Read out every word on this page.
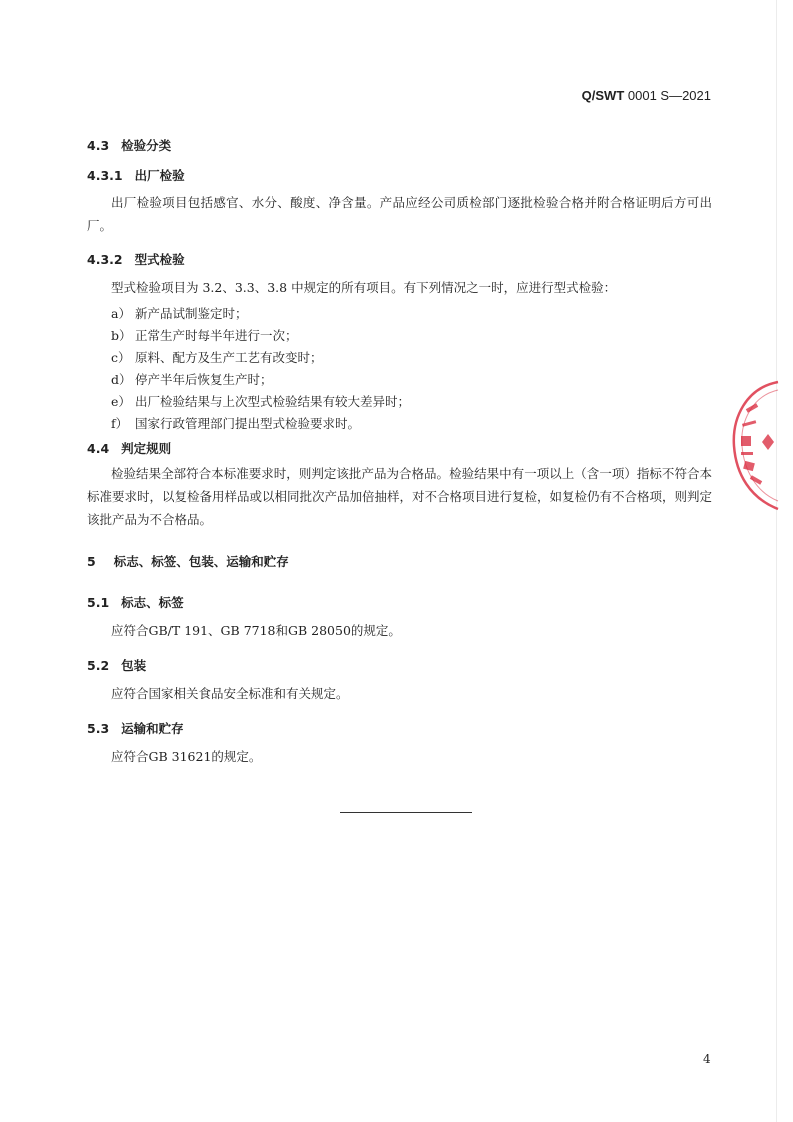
Q/SWT 0001 S—2021
4.3 检验分类
4.3.1 出厂检验
出厂检验项目包括感官、水分、酸度、净含量。产品应经公司质检部门逐批检验合格并附合格证明后方可出厂。
4.3.2 型式检验
型式检验项目为 3.2、3.3、3.8 中规定的所有项目。有下列情况之一时，应进行型式检验：
a） 新产品试制鉴定时；
b） 正常生产时每半年进行一次；
c） 原料、配方及生产工艺有改变时；
d） 停产半年后恢复生产时；
e） 出厂检验结果与上次型式检验结果有较大差异时；
f） 国家行政管理部门提出型式检验要求时。
4.4 判定规则
检验结果全部符合本标准要求时，则判定该批产品为合格品。检验结果中有一项以上（含一项）指标不符合本标准要求时，以复检备用样品或以相同批次产品加倍抽样，对不合格项目进行复检，如复检仍有不合格项，则判定该批产品为不合格品。
5 标志、标签、包装、运输和贮存
5.1 标志、标签
应符合GB/T 191、GB 7718和GB 28050的规定。
5.2 包装
应符合国家相关食品安全标准和有关规定。
5.3 运输和贮存
应符合GB 31621的规定。
4
